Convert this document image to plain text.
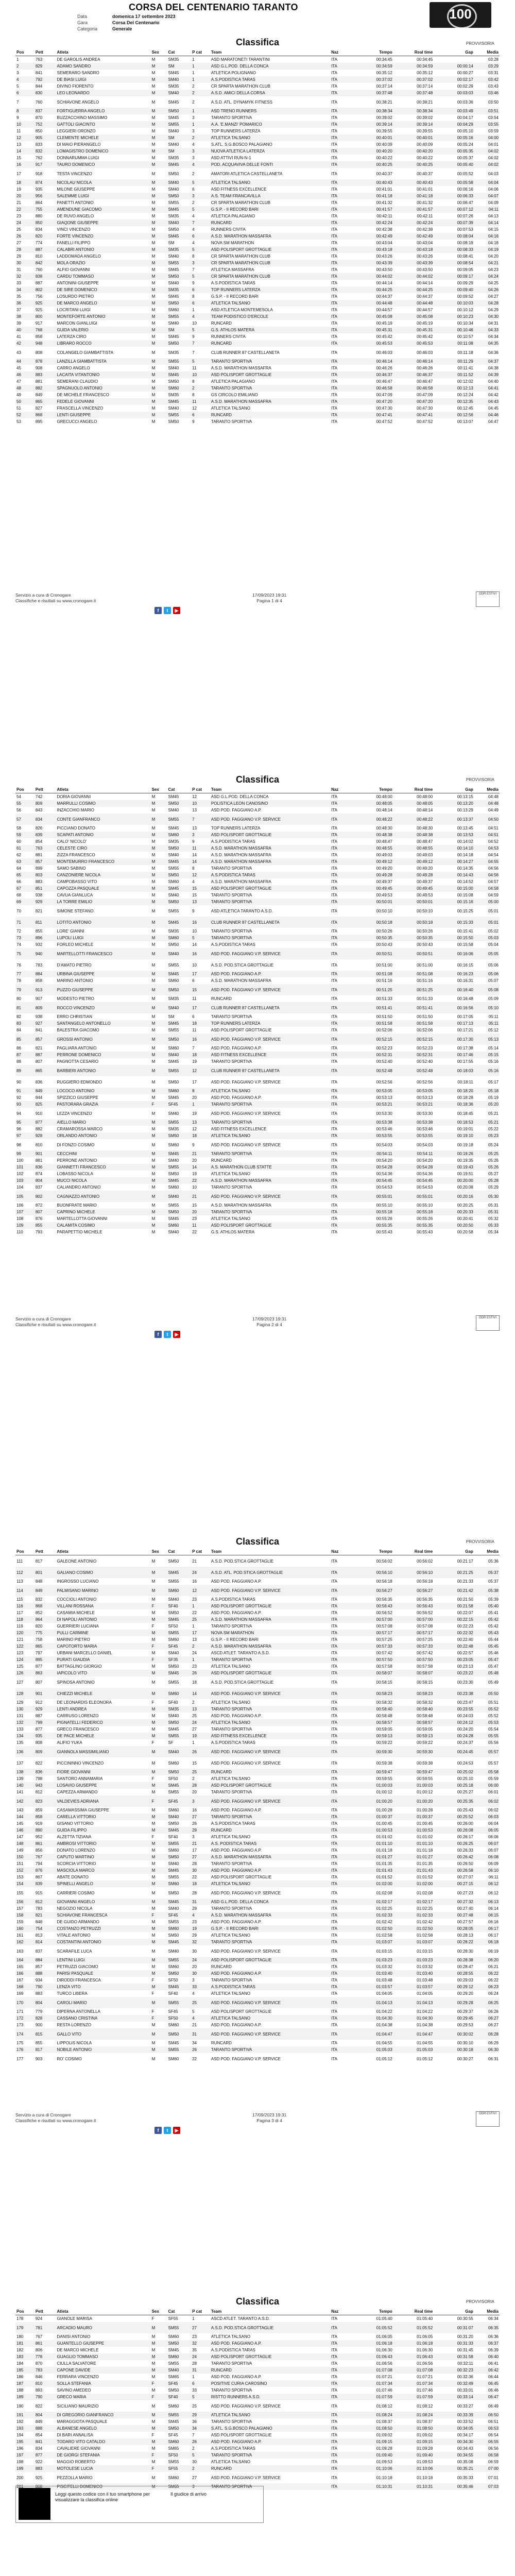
CORSA DEL CENTENARIO TARANTO
Data	domenica 17 settembre 2023
Gara	Corsa Del Centenario
Categoria	Generale
100
Classifica	PROVVISORIA
Pos	Pett	Atleta	Sex	Cat	P cat	Team	Naz	Tempo	Real time	Gap	Media
1	763	DE GAROLIS ANDREA	M	SM35	1	ASD MARATONETI TARANTINI	ITA	00:34:45	00:34:45		03:28
2	829	ADAMO SANDRO	M	SM	1	ASD G.L.POD. DELLA CONCA	ITA	00:34:59	00:34:59	00:00:14	03:29
3	841	SEMERARO SANDRO	M	SM45	1	ATLETICA POLIGNANO	ITA	00:35:12	00:35:12	00:00:27	03:31
4	792	DE BIASI LUIGI	M	SM40	1	A.S.PODISTICA TARAS	ITA	00:37:02	00:37:02	00:02:17	03:42
5	844	DIVINO FIORENTO	M	SM35	2	CR SPARTA MARATHON CLUB	ITA	00:37:14	00:37:14	00:02:29	03:43
6	830	LEO LEONARDO	M	SM40	2	A.S.D. AMICI DELLA CORSA	ITA	00:37:48	00:37:48	00:03:03	03:46
7	760	SCHIAVONE ANGELO	M	SM45	2	A.S.D. ATL. DYNAMYK FITNESS	ITA	00:38:21	00:38:21	00:03:36	03:50
8	837	FORTIGUERRA ANGELO	M	SM50	1	ASD TRENO RUNNERS	ITA	00:38:34	00:38:34	00:03:49	03:51
9	870	BUZZACCHINO MASSIMO	M	SM45	3	TARANTO SPORTIVA	ITA	00:39:02	00:39:02	00:04:17	03:54
10	752	GATTOLI GIACINTO	M	SM55	1	A.A. 'E.MANZI' POMARICO	ITA	00:39:14	00:39:14	00:04:29	03:55
11	850	LEGGIERI ORONZO	M	SM40	3	TOP RUNNERS LATERZA	ITA	00:39:55	00:39:55	00:05:10	03:59
12	905	CLEMENTE MICHELE	M	SM	2	ATLETICA TALSANO	ITA	00:40:01	00:40:01	00:05:16	04:00
13	833	DI MAIO PIERANGELO	M	SM40	4	S.ATL. S.G.BOSCO PALAGIANO	ITA	00:40:09	00:40:09	00:05:24	04:01
14	832	LOMAGISTRO DOMENICO	M	SM	3	NUOVA ATLETICA LATERZA	ITA	00:40:20	00:40:20	00:05:35	04:02
15	762	DONNARUMMA LUIGI	M	SM35	3	ASD ATTIVI RUN-N-1	ITA	00:40:22	00:40:22	00:05:37	04:02
16	917	TAURO DOMENICO	M	SM45	4	POD. ACQUAVIVA DELLE FONTI	ITA	00:40:25	00:40:25	00:05:40	04:02
17	918	TESTA VINCENZO	M	SM50	2	AMATORI ATLETICA CASTELLANETA	ITA	00:40:37	00:40:37	00:05:52	04:03
18	874	NICOLAU NICOLA	M	SM40	5	ATLETICA TALSANO	ITA	00:40:43	00:40:43	00:05:58	04:04
19	935	MILONE GIUSEPPE	M	SM40	6	ASD FITNESS EXCELLENCE	ITA	00:41:01	00:41:01	00:06:16	04:06
20	956	SALEMME LUIGI	M	SM50	3	A.S. TEAM FRANCAVILLA	ITA	00:41:18	00:41:18	00:06:33	04:07
21	864	PANETTI ANTONIO	M	SM55	2	CR SPARTA MARATHON CLUB	ITA	00:41:32	00:41:32	00:06:47	04:09
22	755	AMENDUNE GIACOMO	M	SM45	5	G.S.P. - II RECORD BARI	ITA	00:41:57	00:41:57	00:07:12	04:11
23	880	DE RUVO ANGELO	M	SM35	4	ATLETICA PALAGIANO	ITA	00:42:11	00:42:11	00:07:26	04:13
24	850	GIAQONE GIUSEPPE	M	SM40	7	RUNCARD	ITA	00:42:24	00:42:24	00:07:39	04:14
25	834	VINCI VINCENZO	M	SM50	4	RUNNERS CIVITA	ITA	00:42:38	00:42:38	00:07:53	04:15
26	820	FORTE VINCENZO	M	SM45	6	A.S.D. MARATHON MASSAFRA	ITA	00:42:49	00:42:49	00:08:04	04:16
27	774	FANELLI FILIPPO	M	SM	4	NOVA SM MARATHON	ITA	00:43:04	00:43:04	00:08:19	04:18
28	887	CALABRI ANTONIO	M	SM35	5	ASD POLISPORT GROTTAGLIE	ITA	00:43:18	00:43:18	00:08:33	04:19
29	810	LADDOMADA ANGELO	M	SM40	8	CR SPARTA MARATHON CLUB	ITA	00:43:26	00:43:26	00:08:41	04:20
30	842	MOLA ORAZIO	M	SM55	3	CR SPARTA MARATHON CLUB	ITA	00:43:39	00:43:39	00:08:54	04:21
31	760	ALFIO GIOVANNI	M	SM45	7	ATLETICA MASSAFRA	ITA	00:43:50	00:43:50	00:09:05	04:23
32	838	CARDU TOMMASO	M	SM50	5	CR SPARTA MARATHON CLUB	ITA	00:44:02	00:44:02	00:09:17	04:24
33	887	ANTONINI GIUSEPPE	M	SM40	9	A.S.PODISTICA TARAS	ITA	00:44:14	00:44:14	00:09:29	04:25
34	802	DE SIRE DOMENICO	M	SM35	6	TOP RUNNERS LATERZA	ITA	00:44:25	00:44:25	00:09:40	04:26
35	756	LOSURDO PIETRO	M	SM45	8	G.S.P. - II RECORD BARI	ITA	00:44:37	00:44:37	00:09:52	04:27
36	925	DE MARCO ANGELO	M	SM50	6	ATLETICA TALSANO	ITA	00:44:48	00:44:48	00:10:03	04:28
37	925	LOCRITANI LUIGI	M	SM60	1	ASD ATLETICA MONTEMESOLA	ITA	00:44:57	00:44:57	00:10:12	04:29
38	800	MONTEFORTE ANTONIO	M	SM55	4	TEAM PODISTICO D'ERCOLE	ITA	00:45:08	00:45:08	00:10:23	04:30
39	917	MARCON GIANLUIGI	M	SM40	10	RUNCARD	ITA	00:45:19	00:45:19	00:10:34	04:31
40	768	GUIDA VALERIO	M	SM	5	G.S. ATHLOS MATERA	ITA	00:45:31	00:45:31	00:10:46	04:33
41	858	LATERZA CIRO	M	SM45	9	RUNNERS CIVITA	ITA	00:45:42	00:45:42	00:10:57	04:34
42	948	LIBRARO ROCCO	M	SM50	7	RUNCARD	ITA	00:45:53	00:45:53	00:11:08	04:35
43	808	COLANGELO GIAMBATTISTA	M	SM35	7	CLUB RUNNER 87 CASTELLANETA	ITA	00:46:03	00:46:03	00:11:18	04:36
44	878	LANZILLA GIAMBATTISTA	M	SM55	5	TARANTO SPORTIVA	ITA	00:46:14	00:46:14	00:11:29	04:37
45	908	CARRO ANGELO	M	SM40	11	A.S.D. MARATHON MASSAFRA	ITA	00:46:26	00:46:26	00:11:41	04:38
46	883	LACAITA VITANTONIO	M	SM45	10	ASD POLISPORT GROTTAGLIE	ITA	00:46:37	00:46:37	00:11:52	04:39
47	881	SEMERANI CLAUDIO	M	SM50	8	ATLETICA PALAGIANO	ITA	00:46:47	00:46:47	00:12:02	04:40
48	882	SPAGNUOLO ANTONIO	M	SM60	2	TARANTO SPORTIVA	ITA	00:46:58	00:46:58	00:12:13	04:41
49	849	DE MICHELE FRANCESCO	M	SM35	8	GS CIRCOLO EMILIANO	ITA	00:47:09	00:47:09	00:12:24	04:42
50	865	FEDELE GIOVANNI	M	SM45	11	A.S.D. MARATHON MASSAFRA	ITA	00:47:20	00:47:20	00:12:35	04:43
51	827	FRASCELLA VINCENZO	M	SM40	12	ATLETICA TALSANO	ITA	00:47:30	00:47:30	00:12:45	04:45
52	868	LENTI GIUSEPPE	M	SM55	6	RUNCARD	ITA	00:47:41	00:47:41	00:12:56	04:46
53	895	GRECUCCI ANGELO	M	SM50	9	TARANTO SPORTIVA	ITA	00:47:52	00:47:52	00:13:07	04:47
Servizio a cura di Cronogare
Classifiche e risultati su www.cronogare.it
17/09/2023 19:31
Pagina 1 di 4
ODR ESTIVI
f t ▶
Classifica	PROVVISORIA
Pos	Pett	Atleta	Sex	Cat	P cat	Team	Naz	Tempo	Real time	Gap	Media
54	742	DORIA GIOVANNI	M	SM45	12	ASD G.L.POD. DELLA CONCA	ITA	00:48:00	00:48:00	00:13:15	04:48
55	809	MARRULLI COSIMO	M	SM50	10	POLISTICA LEON CANOSINO	ITA	00:48:05	00:48:05	00:13:20	04:48
56	843	INZACCHIO MARIO	M	SM40	13	ASD POD. FAGGIANO A.P.	ITA	00:48:14	00:48:14	00:13:29	04:49
57	834	CONTE GIANFRANCO	M	SM55	7	ASD POD. FAGGIANO V.P. SERVICE	ITA	00:48:22	00:48:22	00:13:37	04:50
58	826	PICCIANO DONATO	M	SM45	13	TOP RUNNERS LATERZA	ITA	00:48:30	00:48:30	00:13:45	04:51
59	839	SCAPATI ANTONIO	M	SM60	3	ASD POLISPORT GROTTAGLIE	ITA	00:48:38	00:48:38	00:13:53	04:51
60	854	CALO' NICOLO'	M	SM35	9	A.S.PODISTICA TARAS	ITA	00:48:47	00:48:47	00:14:02	04:52
61	763	CELESTE CIRO	M	SM50	11	A.S.D. MARATHON MASSAFRA	ITA	00:48:55	00:48:55	00:14:10	04:53
62	881	ZIZZA FRANCESCO	M	SM40	14	A.S.D. MARATHON MASSAFRA	ITA	00:49:03	00:49:03	00:14:18	04:54
63	857	MONTEMURRO FRANCESCO	M	SM45	14	A.S.D. MARATHON MASSAFRA	ITA	00:49:12	00:49:12	00:14:27	04:55
64	899	SAMO SABINO	M	SM55	8	TARANTO SPORTIVA	ITA	00:49:20	00:49:20	00:14:35	04:56
65	803	CANZONIERE NICOLA	M	SM50	12	A.S.PODISTICA TARAS	ITA	00:49:28	00:49:28	00:14:43	04:56
66	883	CAMPOBASSO VITO	M	SM60	4	A.S.D. MARATHON MASSAFRA	ITA	00:49:37	00:49:37	00:14:52	04:57
67	851	CAPOZZA PASQUALE	M	SM45	15	ASD POLISPORT GROTTAGLIE	ITA	00:49:45	00:49:45	00:15:00	04:58
68	938	CAVUA GIANLUCA	M	SM40	15	TARANTO SPORTIVA	ITA	00:49:53	00:49:53	00:15:08	04:59
69	929	LA TORRE EMILIO	M	SM50	13	TARANTO SPORTIVA	ITA	00:50:01	00:50:01	00:15:16	05:00
70	821	SIMONE STEFANO	M	SM55	9	ASD ATLETICA TARANTO A.S.D.	ITA	00:50:10	00:50:10	00:15:25	05:01
71	811	LOTITO ANTONIO	M	SM45	16	CLUB RUNNER 87 CASTELLANETA	ITA	00:50:18	00:50:18	00:15:33	05:01
72	855	LORE' GIANNI	M	SM35	10	TARANTO SPORTIVA	ITA	00:50:26	00:50:26	00:15:41	05:02
73	896	LUPOLI LUIGI	M	SM60	5	TARANTO SPORTIVA	ITA	00:50:35	00:50:35	00:15:50	05:03
74	932	FORLEO MICHELE	M	SM50	14	A.S.PODISTICA TARAS	ITA	00:50:43	00:50:43	00:15:58	05:04
75	940	MARTELLOTTI FRANCESCO	M	SM40	16	ASD POD. FAGGIANO V.P. SERVICE	ITA	00:50:51	00:50:51	00:16:06	05:05
76	783	D'AMATO PIETRO	M	SM55	10	A.S.D. POD.STICA GROTTAGLIE	ITA	00:51:00	00:51:00	00:16:15	05:06
77	884	URBINA GIUSEPPE	M	SM45	17	ASD POD. FAGGIANO A.P.	ITA	00:51:08	00:51:08	00:16:23	05:06
78	858	MARINO ANTONIO	M	SM60	6	A.S.D. MARATHON MASSAFRA	ITA	00:51:16	00:51:16	00:16:31	05:07
79	913	PUZZO GIUSEPPE	M	SM50	15	ASD POD. FAGGIANO V.P. SERVICE	ITA	00:51:25	00:51:25	00:16:40	05:08
80	907	MODESTO PIETRO	M	SM35	11	RUNCARD	ITA	00:51:33	00:51:33	00:16:48	05:09
81	809	ROCCO VINCENZO	M	SM40	17	CLUB RUNNER 87 CASTELLANETA	ITA	00:51:41	00:51:41	00:16:56	05:10
82	938	ERRO CHRISTIAN	M	SM	6	TARANTO SPORTIVA	ITA	00:51:50	00:51:50	00:17:05	05:11
83	927	SANTANGELO ANTONELLO	M	SM45	18	TOP RUNNERS LATERZA	ITA	00:51:58	00:51:58	00:17:13	05:11
84	841	BALESTRA GIACOMO	M	SM55	11	ASD POLISPORT GROTTAGLIE	ITA	00:52:06	00:52:06	00:17:21	05:12
85	857	GROSSI ANTONIO	M	SM50	16	ASD POD. FAGGIANO V.P. SERVICE	ITA	00:52:15	00:52:15	00:17:30	05:13
86	821	PAGLIARA ANTONIO	M	SM60	7	ASD POD. FAGGIANO A.P.	ITA	00:52:23	00:52:23	00:17:38	05:14
87	887	PERRONE DOMENICO	M	SM40	18	ASD FITNESS EXCELLENCE	ITA	00:52:31	00:52:31	00:17:46	05:15
88	807	PAGNOTTA CESARIO	M	SM45	19	TARANTO SPORTIVA	ITA	00:52:40	00:52:40	00:17:55	05:16
89	865	BARBIERI ANTONIO	M	SM55	12	CLUB RUNNER 87 CASTELLANETA	ITA	00:52:48	00:52:48	00:18:03	05:16
90	836	RUGGIERO EDMONDO	M	SM50	17	ASD POD. FAGGIANO V.P. SERVICE	ITA	00:52:56	00:52:56	00:18:11	05:17
91	849	LOCOCO ANTONIO	M	SM60	8	ATLETICA TALSANO	ITA	00:53:05	00:53:05	00:18:20	05:18
92	844	SPIZZICO GIUSEPPE	M	SM45	20	ASD POD. FAGGIANO A.P.	ITA	00:53:13	00:53:13	00:18:28	05:19
93	825	PASTORARA GRAZIA	F	SF45	1	TARANTO SPORTIVA	ITA	00:53:21	00:53:21	00:18:36	05:20
94	910	LEZZA VINCENZO	M	SM40	19	ASD POD. FAGGIANO V.P. SERVICE	ITA	00:53:30	00:53:30	00:18:45	05:21
95	877	AIELLO MARIO	M	SM55	13	TARANTO SPORTIVA	ITA	00:53:38	00:53:38	00:18:53	05:21
96	882	CRAMAROSSA MARCO	M	SM35	12	ASD FITNESS EXCELLENCE	ITA	00:53:46	00:53:46	00:19:01	05:22
97	928	ORLANDO ANTONIO	M	SM50	18	ATLETICA TALSANO	ITA	00:53:55	00:53:55	00:19:10	05:23
98	810	DI FONZO COSIMO	M	SM60	9	ASD POD. FAGGIANO V.P. SERVICE	ITA	00:54:03	00:54:03	00:19:18	05:24
99	901	CECCHINI	M	SM45	21	TARANTO SPORTIVA	ITA	00:54:11	00:54:11	00:19:26	05:25
100	881	PERRONE ANTONIO	M	SM40	20	RUNCARD	ITA	00:54:20	00:54:20	00:19:35	05:26
101	836	GIANNETTI FRANCESCO	M	SM55	14	A.S. MARATHON CLUB STATTE	ITA	00:54:28	00:54:28	00:19:43	05:26
102	874	LOBASSO NICOLA	M	SM50	19	ATLETICA TALSANO	ITA	00:54:36	00:54:36	00:19:51	05:27
103	804	MUCCI NICOLA	M	SM45	22	A.S.D. MARATHON MASSAFRA	ITA	00:54:45	00:54:45	00:20:00	05:28
104	837	CALIANDRO ANTONIO	M	SM60	10	TARANTO SPORTIVA	ITA	00:54:53	00:54:53	00:20:08	05:29
105	802	CAGNAZZO ANTONIO	M	SM40	21	ASD POD. FAGGIANO V.P. SERVICE	ITA	00:55:01	00:55:01	00:20:16	05:30
106	872	BUONFRATE MARIO	M	SM55	15	A.S.D. MARATHON MASSAFRA	ITA	00:55:10	00:55:10	00:20:25	05:31
107	807	CAPRINO MICHELE	M	SM50	20	TARANTO SPORTIVA	ITA	00:55:18	00:55:18	00:20:33	05:31
108	876	MARTELLOTTA GIOVANNI	M	SM45	23	ATLETICA TALSANO	ITA	00:55:26	00:55:26	00:20:41	05:32
109	855	CALAMITA COSIMO	M	SM60	11	ASD POLISPORT GROTTAGLIE	ITA	00:55:35	00:55:35	00:20:50	05:33
110	793	PARAPETTIO MICHELE	M	SM40	22	G.S. ATHLOS MATERA	ITA	00:55:43	00:55:43	00:20:58	05:34
Servizio a cura di Cronogare
Classifiche e risultati su www.cronogare.it
17/09/2023 19:31
Pagina 2 di 4
ODR ESTIVI
f t ▶
Classifica	PROVVISORIA
Pos	Pett	Atleta	Sex	Cat	P cat	Team	Naz	Tempo	Real time	Gap	Media
111	817	GALEONE ANTONIO	M	SM50	21	A.S.D. POD.STICA GROTTAGLIE	ITA	00:56:02	00:56:02	00:21:17	05:36
112	801	GALIANO COSIMO	M	SM45	24	A.S.D. ATL. POD.STICA GROTTAGLIE	ITA	00:56:10	00:56:10	00:21:25	05:37
113	848	INGROSSO LUCIANO	M	SM55	16	ASD POD. FAGGIANO A.P.	ITA	00:56:18	00:56:18	00:21:33	05:37
114	849	PALMISANO MARINO	M	SM60	12	ASD POD. FAGGIANO V.P. SERVICE	ITA	00:56:27	00:56:27	00:21:42	05:38
115	832	COCCIOLI ANTONIO	M	SM40	23	A.S.PODISTICA TARAS	ITA	00:56:35	00:56:35	00:21:50	05:39
116	868	VILLANI ROSSANA	F	SF40	1	ASD POLISPORT GROTTAGLIE	ITA	00:56:43	00:56:43	00:21:58	05:40
117	852	CASAMIA MICHELE	M	SM50	22	ASD POD. FAGGIANO A.P.	ITA	00:56:52	00:56:52	00:22:07	05:41
118	864	DI NAPOLI ANTONIO	M	SM45	25	A.S.D. MARATHON MASSAFRA	ITA	00:57:00	00:57:00	00:22:15	05:42
119	820	GUERRIERI LUCIANA	F	SF50	1	TARANTO SPORTIVA	ITA	00:57:08	00:57:08	00:22:23	05:42
120	775	PULLI CARMINE	M	SM55	17	NOVA SM MARATHON	ITA	00:57:17	00:57:17	00:22:32	05:43
121	758	MARINO PIETRO	M	SM60	13	G.S.P. - II RECORD BARI	ITA	00:57:25	00:57:25	00:22:40	05:44
122	865	CAPOTORTO MARIA	F	SF45	2	A.S.D. MARATHON MASSAFRA	ITA	00:57:33	00:57:33	00:22:48	05:45
123	797	URBANI MARCELLO DANIEL	M	SM40	24	ASCD ATLET. TARANTO A.S.D.	ITA	00:57:42	00:57:42	00:22:57	05:46
124	895	PURATI GIAUDIA	F	SF35	1	TARANTO SPORTIVA	ITA	00:57:50	00:57:50	00:23:05	05:47
125	877	BATTAGLINO GIORGIO	M	SM50	23	ATLETICA TALSANO	ITA	00:57:58	00:57:58	00:23:13	05:47
126	863	IAPICOLO VITO	M	SM45	26	ASD POLISPORT GROTTAGLIE	ITA	00:58:07	00:58:07	00:23:22	05:48
127	807	SPINOSA ANTONIO	M	SM55	18	A.S.D. POD.STICA GROTTAGLIE	ITA	00:58:15	00:58:15	00:23:30	05:49
128	901	CHIEZZI MICHELE	M	SM60	14	ASD POD. FAGGIANO V.P. SERVICE	ITA	00:58:23	00:58:23	00:23:38	05:50
129	912	DE LEONARDIS ELEONORA	F	SF40	2	ATLETICA TALSANO	ITA	00:58:32	00:58:32	00:23:47	05:51
130	929	LENTI ANDREA	M	SM35	13	TARANTO SPORTIVA	ITA	00:58:40	00:58:40	00:23:55	05:52
131	887	CARRUSO LORENZO	M	SM40	25	ASD POD. FAGGIANO A.P.	ITA	00:58:48	00:58:48	00:24:03	05:52
132	799	PIGNATELLI FEDERICO	M	SM50	24	ATLETICA TALSANO	ITA	00:58:57	00:58:57	00:24:12	05:53
133	877	GRECO FRANCESCO	M	SM45	27	TARANTO SPORTIVA	ITA	00:59:05	00:59:05	00:24:20	05:54
134	935	DE PACE MICHELE	M	SM55	19	ASD FITNESS EXCELLENCE	ITA	00:59:13	00:59:13	00:24:28	05:55
135	808	ALIFIO YUKA	F	SF	1	A.S.PODISTICA TARAS	ITA	00:59:22	00:59:22	00:24:37	05:56
136	809	GIANNOLA MASSIMILIANO	M	SM40	26	ASD POD. FAGGIANO V.P. SERVICE	ITA	00:59:30	00:59:30	00:24:45	05:57
137	822	PICCININNO VINCENZO	M	SM60	15	ASD POD. FAGGIANO V.P. SERVICE	ITA	00:59:38	00:59:38	00:24:53	05:57
138	836	FIORE GIOVANNI	M	SM50	25	RUNCARD	ITA	00:59:47	00:59:47	00:25:02	05:58
139	798	SANTORO ANNAMARIA	F	SF50	2	ATLETICA TALSANO	ITA	00:59:55	00:59:55	00:25:10	05:59
140	943	LOSAVIO GIUSEPPE	M	SM45	28	ASD POLISPORT GROTTAGLIE	ITA	01:00:03	01:00:03	00:25:18	06:00
141	812	CAPEZZA ARMANDO	M	SM55	20	TARANTO SPORTIVA	ITA	01:00:12	01:00:12	00:25:27	06:01
142	823	VALDEVIES ADRIANA	F	SF45	3	ASD POD. FAGGIANO V.P. SERVICE	ITA	01:00:20	01:00:20	00:25:35	06:02
143	859	CASAMASSIMA GIUSEPPE	M	SM60	16	ASD POD. FAGGIANO A.P.	ITA	01:00:28	01:00:28	00:25:43	06:02
144	858	CARELLA VITTORIO	M	SM40	27	TARANTO SPORTIVA	ITA	01:00:37	01:00:37	00:25:52	06:03
145	919	GISANO VITTORIO	M	SM50	26	A.S.PODISTICA TARAS	ITA	01:00:45	01:00:45	00:26:00	06:04
146	890	GUIDA FILIPPO	M	SM45	29	RUNCARD	ITA	01:00:53	01:00:53	00:26:08	06:05
147	952	ALZETTA TIZIANA	F	SF40	3	ATLETICA TALSANO	ITA	01:01:02	01:01:02	00:26:17	06:06
148	861	AMBROSI VITTORIO	M	SM55	21	A.S. PODISTICA TARAS	ITA	01:01:10	01:01:10	00:26:25	06:07
149	856	DONATO LORENZO	M	SM60	17	ASD POD. FAGGIANO A.P.	ITA	01:01:18	01:01:18	00:26:33	06:07
150	767	CAPUTO MARTINO	M	SM50	27	A.S.D. MARATHON MASSAFRA	ITA	01:01:27	01:01:27	00:26:42	06:08
151	794	SCORCIA VITTORIO	M	SM40	28	TARANTO SPORTIVA	ITA	01:01:35	01:01:35	00:26:50	06:09
152	876	MASCIOLA MARCO	M	SM45	30	ASD POD. FAGGIANO A.P.	ITA	01:01:43	01:01:43	00:26:58	06:10
153	867	ABATE DONATO	M	SM55	22	ASD POLISPORT GROTTAGLIE	ITA	01:01:52	01:01:52	00:27:07	06:11
154	839	SPINELLI ANGELO	M	SM60	18	ATLETICA TALSANO	ITA	01:02:00	01:02:00	00:27:15	06:12
155	915	CARRIERI COSIMO	M	SM50	28	ASD POD. FAGGIANO V.P. SERVICE	ITA	01:02:08	01:02:08	00:27:23	06:12
156	812	GIOVANNI ANGELO	M	SM45	31	ASD G.L.POD. DELLA CONCA	ITA	01:02:17	01:02:17	00:27:32	06:13
157	783	NEGOZIO NICOLA	M	SM40	29	TARANTO SPORTIVA	ITA	01:02:25	01:02:25	00:27:40	06:14
158	821	SCHIAVONE FRANCESCA	F	SF45	4	A.S.D. MARATHON MASSAFRA	ITA	01:02:33	01:02:33	00:27:48	06:15
159	848	DE GUIDO ARMANDO	M	SM55	23	ASD POD. FAGGIANO A.P.	ITA	01:02:42	01:02:42	00:27:57	06:16
160	754	COSTANZO PETRUZZI	M	SM60	19	G.S.P. - II RECORD BARI	ITA	01:02:50	01:02:50	00:28:05	06:17
161	813	VITALE ANTONIO	M	SM50	29	ATLETICA TALSANO	ITA	01:02:58	01:02:58	00:28:13	06:17
162	814	COSTANTINI ANTONIO	M	SM45	32	TARANTO SPORTIVA	ITA	01:03:07	01:03:07	00:28:22	06:18
163	837	SCARAFILE LUCA	M	SM40	30	ASD POD. FAGGIANO V.P. SERVICE	ITA	01:03:15	01:03:15	00:28:30	06:19
164	884	LENTINI LUIGI	M	SM55	24	ASD POLISPORT GROTTAGLIE	ITA	01:03:23	01:03:23	00:28:38	06:20
165	857	PETRUZZI GIACOMO	M	SM60	20	RUNCARD	ITA	01:03:32	01:03:32	00:28:47	06:21
166	888	PARISI PASQUALE	M	SM50	30	ASD POD. FAGGIANO A.P.	ITA	01:03:40	01:03:40	00:28:55	06:22
167	934	DIRODDI FRANCESCA	F	SF50	3	TARANTO SPORTIVA	ITA	01:03:48	01:03:48	00:29:03	06:22
168	790	LENZA VITO	M	SM45	33	A.S.PODISTICA TARAS	ITA	01:03:57	01:03:57	00:29:12	06:23
169	883	TURCO LIBERA	F	SF40	4	ATLETICA TALSANO	ITA	01:04:05	01:04:05	00:29:20	06:24
170	804	CAROLI MARIO	M	SM55	25	ASD POD. FAGGIANO V.P. SERVICE	ITA	01:04:13	01:04:13	00:29:28	06:25
171	779	DIPERNA ANTONELLA	F	SF45	5	ASD POLISPORT GROTTAGLIE	ITA	01:04:22	01:04:22	00:29:37	06:26
172	828	CASSANO CRISTINA	F	SF50	4	ATLETICA TALSANO	ITA	01:04:30	01:04:30	00:29:45	06:27
173	900	RESTA LORENZO	M	SM60	21	ASD POD. FAGGIANO A.P.	ITA	01:04:38	01:04:38	00:29:53	06:27
174	815	GALLO VITO	M	SM50	31	ASD POD. FAGGIANO V.P. SERVICE	ITA	01:04:47	01:04:47	00:30:02	06:28
175	855	LIPPOLIS NICOLA	M	SM45	34	RUNCARD	ITA	01:04:55	01:04:55	00:30:10	06:29
176	817	NOBILE ANTONIO	M	SM55	26	TARANTO SPORTIVA	ITA	01:05:03	01:05:03	00:30:18	06:30
177	903	RO' COSIMO	M	SM60	22	ASD POD. FAGGIANO V.P. SERVICE	ITA	01:05:12	01:05:12	00:30:27	06:31
Servizio a cura di Cronogare
Classifiche e risultati su www.cronogare.it
17/09/2023 19:31
Pagina 3 di 4
ODR ESTIVI
f t ▶
Classifica	PROVVISORIA
Pos	Pett	Atleta	Sex	Cat	P cat	Team	Naz	Tempo	Real time	Gap	Media
178	924	GIANOLE MARISA	F	SF55	1	ASCD ATLET. TARANTO A.S.D.	ITA	01:05:40	01:05:40	00:30:55	06:34
179	781	ARCADIO MAURO	M	SM55	27	A.S.D. POD.STICA GROTTAGLIE	ITA	01:05:52	01:05:52	00:31:07	06:35
180	767	DANISI ANTONIO	M	SM60	23	ATLETICA TALSANO	ITA	01:06:05	01:06:05	00:31:20	06:36
181	861	GUANTELLO GIUSEPPE	M	SM50	32	ASD POD. FAGGIANO A.P.	ITA	01:06:18	01:06:18	00:31:33	06:37
182	806	DE MARCO MICHELE	M	SM45	35	A.S.PODISTICA TARAS	ITA	01:06:30	01:06:30	00:31:45	06:39
183	778	GUAGLIO TOMMASO	M	SM60	24	ASD POLISPORT GROTTAGLIE	ITA	01:06:43	01:06:43	00:31:58	06:40
184	870	CIULLA SALVATORE	M	SM55	28	TARANTO SPORTIVA	ITA	01:06:56	01:06:56	00:32:11	06:41
185	783	CAPONE DAVIDE	M	SM40	31	RUNCARD	ITA	01:07:08	01:07:08	00:32:23	06:42
186	846	FERRARA VINCENZO	M	SM65	1	ASD POD. FAGGIANO A.P.	ITA	01:07:21	01:07:21	00:32:36	06:44
187	810	SOLLA STEFANIA	F	SF45	6	POSITIVE CURIA CAROSINO	ITA	01:07:34	01:07:34	00:32:49	06:45
188	893	SAVINO AMEDEO	M	SM50	33	TARANTO SPORTIVA	ITA	01:07:46	01:07:46	00:33:01	06:46
189	790	GRECO MARIA	F	SF40	5	RISTTO RUNNERS A.S.D.	ITA	01:07:59	01:07:59	00:33:14	06:47
190	822	SICILIANO MAURIZIO	M	SM60	25	ASD POD. FAGGIANO V.P. SERVICE	ITA	01:08:12	01:08:12	00:33:27	06:49
191	804	DI GREGORIO GIANFRANCO	M	SM55	29	ATLETICA TALSANO	ITA	01:08:24	01:08:24	00:33:39	06:50
192	849	MARAGGIOTA PASQUALE	M	SM45	36	TARANTO SPORTIVA	ITA	01:08:37	01:08:37	00:33:52	06:51
193	888	ALBANESE ANGELO	M	SM50	34	S.ATL. S.G.BOSCO PALAGIANO	ITA	01:08:50	01:08:50	00:34:05	06:53
194	854	DI BARI ANNALISA	F	SF45	7	ASD POLISPORT GROTTAGLIE	ITA	01:09:02	01:09:02	00:34:17	06:54
195	841	TODARO VITO CATALDO	M	SM60	26	ASD POD. FAGGIANO A.P.	ITA	01:09:15	01:09:15	00:34:30	06:55
196	834	CAVALIERE GIOVANNI	M	SM65	2	A.S.PODISTICA TARAS	ITA	01:09:28	01:09:28	00:34:43	06:56
197	877	DE GIORGI STEFANIA	F	SF50	5	TARANTO SPORTIVA	ITA	01:09:40	01:09:40	00:34:55	06:58
198	922	MAGGIO ROBERTO	M	SM55	30	ATLETICA TALSANO	ITA	01:09:53	01:09:53	00:35:08	06:59
199	883	MOTOLESE LUCIA	F	SF55	2	RUNCARD	ITA	01:10:06	01:10:06	00:35:21	07:00
200	925	PEZZOLLA MARIO	M	SM60	27	ASD POD. FAGGIANO V.P. SERVICE	ITA	01:10:18	01:10:18	00:35:33	07:01
201	868	PISCITELLI DOMENICO	M	SM65	3	TARANTO SPORTIVA	ITA	01:10:31	01:10:31	00:35:46	07:03
Leggi questo codice con il tuo smartphone per visualizzare la classifica online
Il giudice di arrivo
